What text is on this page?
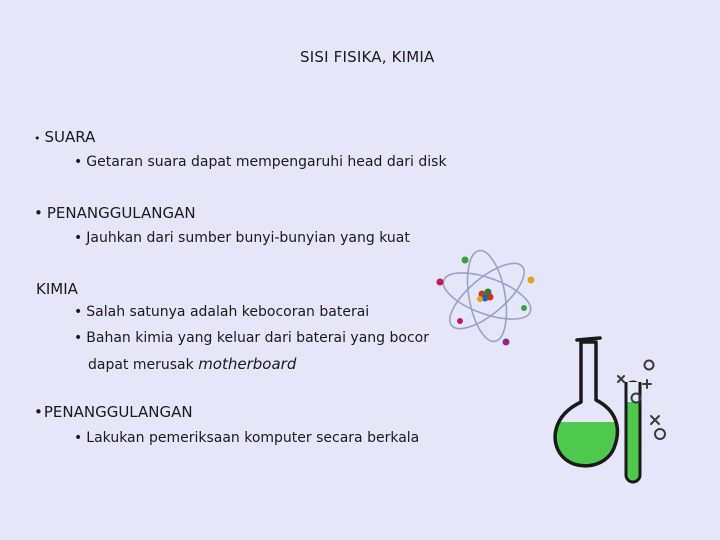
SISI FISIKA, KIMIA
• SUARA
• Getaran suara dapat mempengaruhi head dari disk
• PENANGGULANGAN
• Jauhkan dari sumber bunyi-bunyian yang kuat
KIMIA
• Salah satunya adalah kebocoran baterai
• Bahan kimia yang keluar dari baterai yang bocor
dapat merusak motherboard
•PENANGGULANGAN
• Lakukan pemeriksaan komputer secara berkala
